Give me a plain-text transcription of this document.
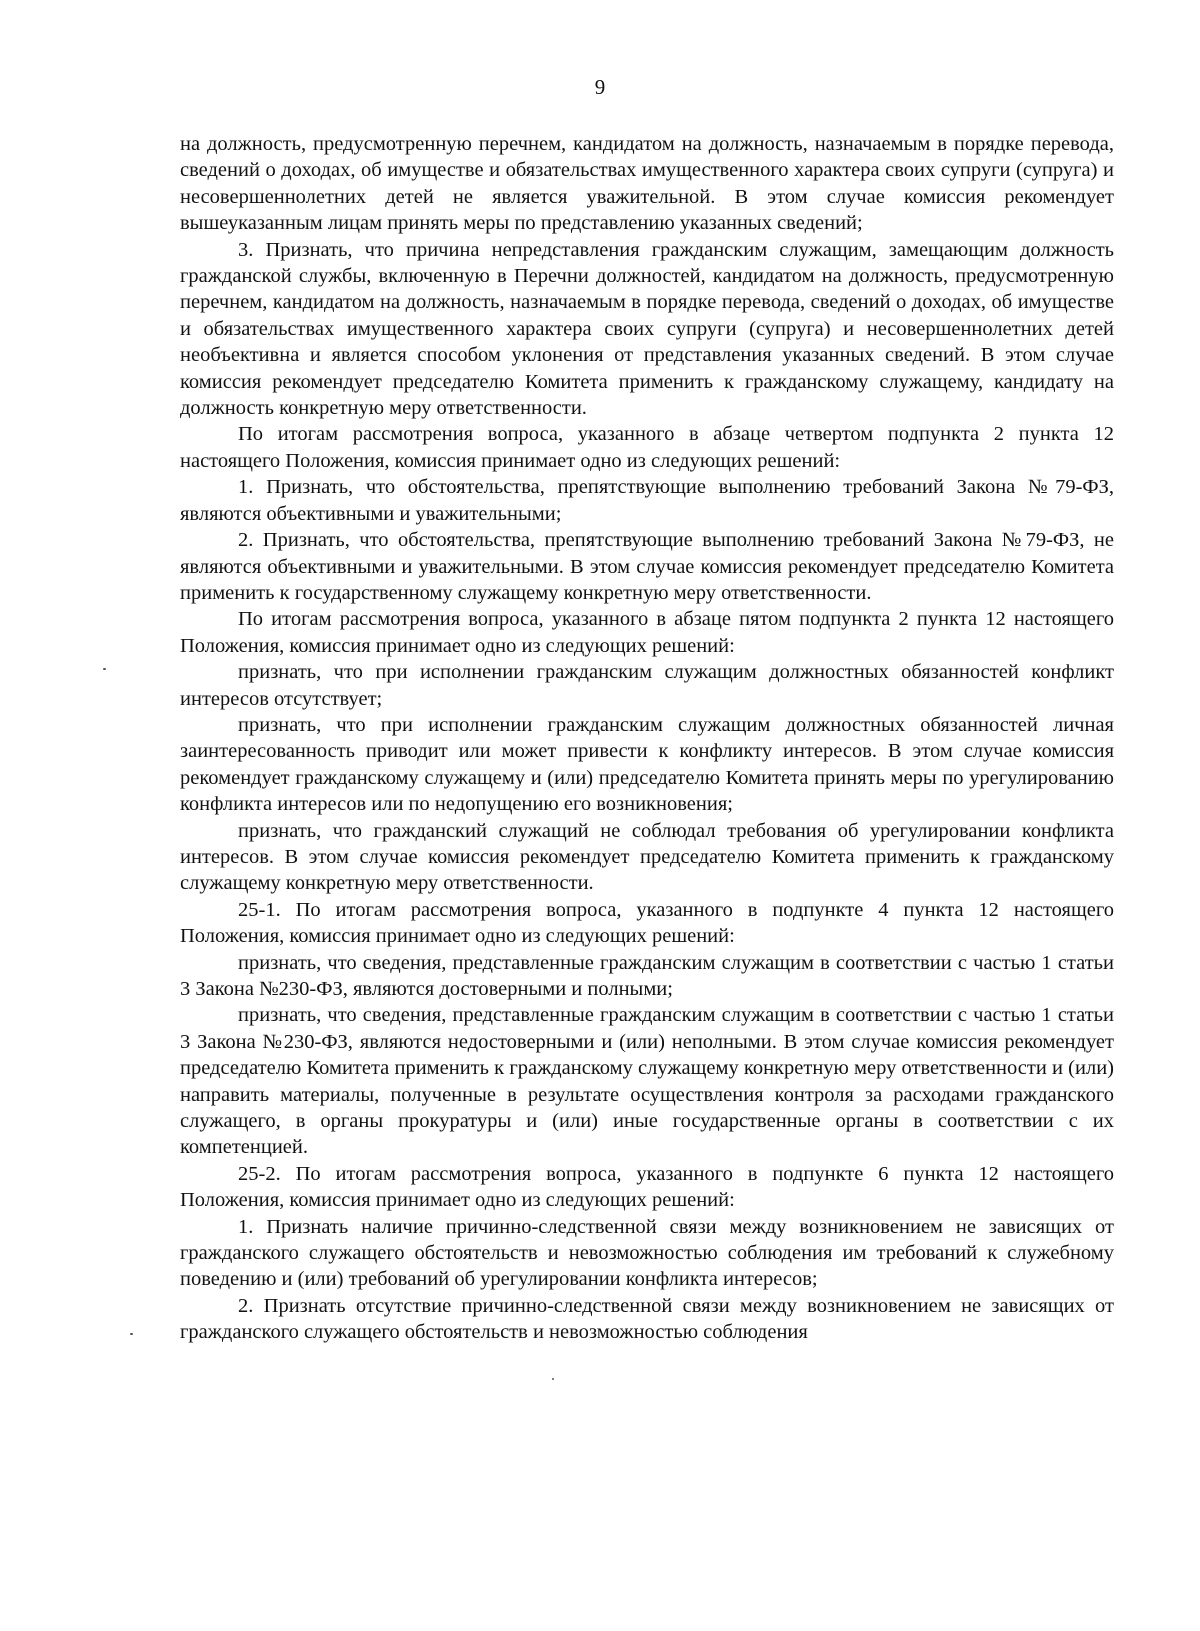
9

на должность, предусмотренную перечнем, кандидатом на должность, назначаемым в порядке перевода, сведений о доходах, об имуществе и обязательствах имущественного характера своих супруги (супруга) и несовершеннолетних детей не является уважительной. В этом случае комиссия рекомендует вышеуказанным лицам принять меры по представлению указанных сведений;

3. Признать, что причина непредставления гражданским служащим, замещающим должность гражданской службы, включенную в Перечни должностей, кандидатом на должность, предусмотренную перечнем, кандидатом на должность, назначаемым в порядке перевода, сведений о доходах, об имуществе и обязательствах имущественного характера своих супруги (супруга) и несовершеннолетних детей необъективна и является способом уклонения от представления указанных сведений. В этом случае комиссия рекомендует председателю Комитета применить к гражданскому служащему, кандидату на должность конкретную меру ответственности.

По итогам рассмотрения вопроса, указанного в абзаце четвертом подпункта 2 пункта 12 настоящего Положения, комиссия принимает одно из следующих решений:

1. Признать, что обстоятельства, препятствующие выполнению требований Закона №79-ФЗ, являются объективными и уважительными;

2. Признать, что обстоятельства, препятствующие выполнению требований Закона №79-ФЗ, не являются объективными и уважительными. В этом случае комиссия рекомендует председателю Комитета применить к государственному служащему конкретную меру ответственности.

По итогам рассмотрения вопроса, указанного в абзаце пятом подпункта 2 пункта 12 настоящего Положения, комиссия принимает одно из следующих решений:

признать, что при исполнении гражданским служащим должностных обязанностей конфликт интересов отсутствует;

признать, что при исполнении гражданским служащим должностных обязанностей личная заинтересованность приводит или может привести к конфликту интересов. В этом случае комиссия рекомендует гражданскому служащему и (или) председателю Комитета принять меры по урегулированию конфликта интересов или по недопущению его возникновения;

признать, что гражданский служащий не соблюдал требования об урегулировании конфликта интересов. В этом случае комиссия рекомендует председателю Комитета применить к гражданскому служащему конкретную меру ответственности.

25-1. По итогам рассмотрения вопроса, указанного в подпункте 4 пункта 12 настоящего Положения, комиссия принимает одно из следующих решений:

признать, что сведения, представленные гражданским служащим в соответствии с частью 1 статьи 3 Закона №230-ФЗ, являются достоверными и полными;

признать, что сведения, представленные гражданским служащим в соответствии с частью 1 статьи 3 Закона №230-ФЗ, являются недостоверными и (или) неполными. В этом случае комиссия рекомендует председателю Комитета применить к гражданскому служащему конкретную меру ответственности и (или) направить материалы, полученные в результате осуществления контроля за расходами гражданского служащего, в органы прокуратуры и (или) иные государственные органы в соответствии с их компетенцией.

25-2. По итогам рассмотрения вопроса, указанного в подпункте 6 пункта 12 настоящего Положения, комиссия принимает одно из следующих решений:

1. Признать наличие причинно-следственной связи между возникновением не зависящих от гражданского служащего обстоятельств и невозможностью соблюдения им требований к служебному поведению и (или) требований об урегулировании конфликта интересов;

2. Признать отсутствие причинно-следственной связи между возникновением не зависящих от гражданского служащего обстоятельств и невозможностью соблюдения
